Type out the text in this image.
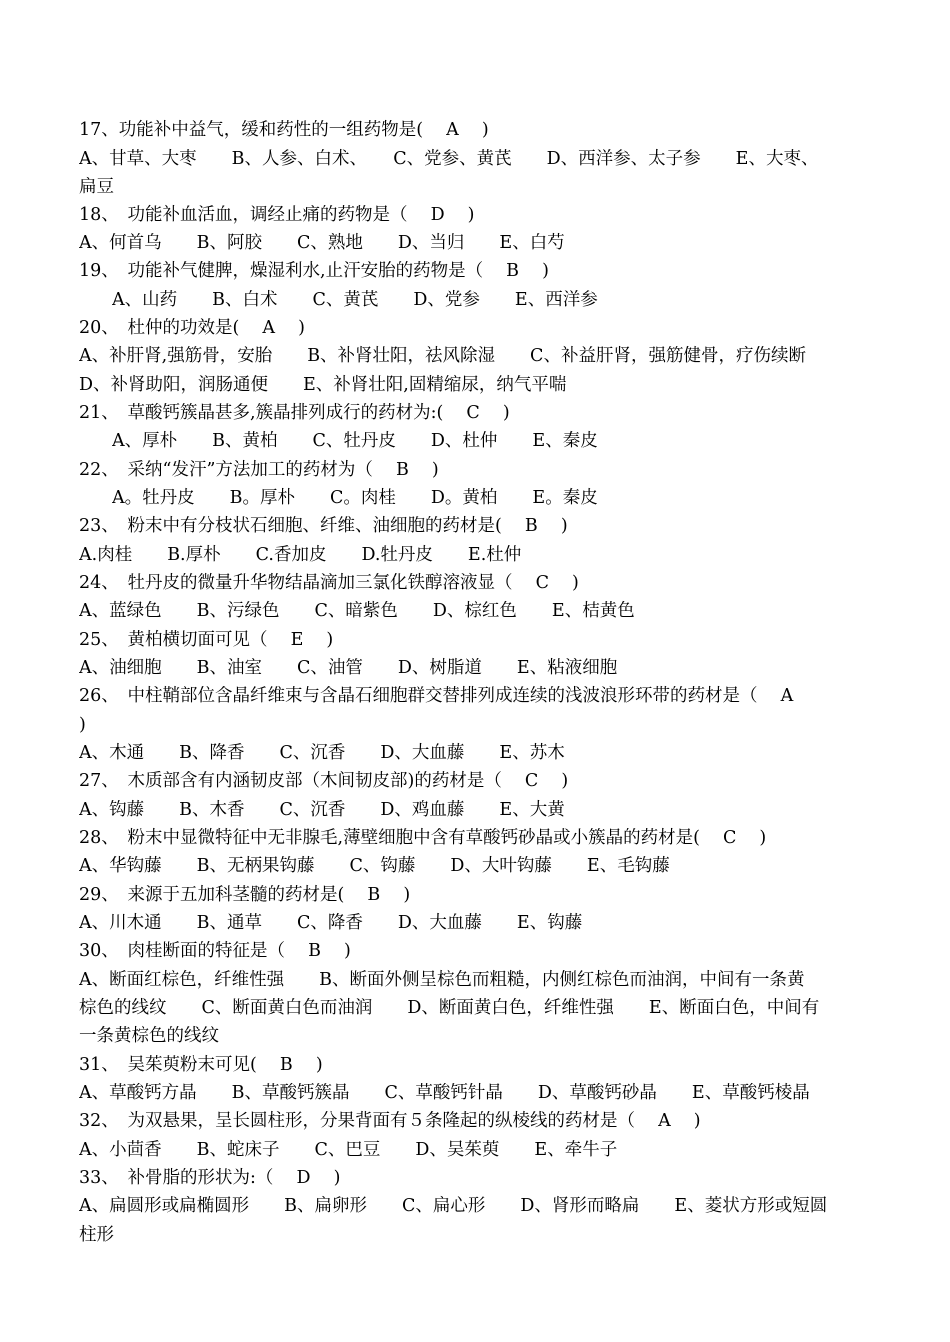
17、功能补中益气，缓和药性的一组药物是(　 A　 )
A、甘草、大枣　　B、人参、白术、　　C、党参、黄芪　　D、西洋参、太子参　　E、大枣、
扁豆
18、　功能补血活血，调经止痛的药物是（　 D　 )
A、何首乌　　B、阿胶　　C、熟地　　D、当归　　E、白芍
19、　功能补气健脾，燥湿利水,止汗安胎的药物是（　 B　 )
A、山药　　B、白术　　C、黄芪　　D、党参　　E、西洋参
20、　杜仲的功效是(　 A　 )
A、补肝肾,强筋骨，安胎　　B、补肾壮阳，祛风除湿　　C、补益肝肾，强筋健骨，疗伤续断
D、补肾助阳，润肠通便　　E、补肾壮阳,固精缩尿，纳气平喘
21、　草酸钙簇晶甚多,簇晶排列成行的药材为:(　 C　 )
A、厚朴　　B、黄柏　　C、牡丹皮　　D、杜仲　　E、秦皮
22、　采纳“发汗”方法加工的药材为（　 B　 )
A。牡丹皮　　B。厚朴　　C。肉桂　　D。黄柏　　E。秦皮
23、　粉末中有分枝状石细胞、纤维、油细胞的药材是(　 B　 )
A.肉桂　　B.厚朴　　C.香加皮　　D.牡丹皮　　E.杜仲
24、　牡丹皮的微量升华物结晶滴加三氯化铁醇溶液显（　 C　 )
A、蓝绿色　　B、污绿色　　C、暗紫色　　D、棕红色　　E、桔黄色
25、　黄柏横切面可见（　 E　 )
A、油细胞　　B、油室　　C、油管　　D、树脂道　　E、粘液细胞
26、　中柱鞘部位含晶纤维束与含晶石细胞群交替排列成连续的浅波浪形环带的药材是（　 A
)
A、木通　　B、降香　　C、沉香　　D、大血藤　　E、苏木
27、　木质部含有内涵韧皮部（木间韧皮部)的药材是（　 C　 )
A、钩藤　　B、木香　　C、沉香　　D、鸡血藤　　E、大黄
28、　粉末中显微特征中无非腺毛,薄壁细胞中含有草酸钙砂晶或小簇晶的药材是(　 C　 )
A、华钩藤　　B、无柄果钩藤　　C、钩藤　　D、大叶钩藤　　E、毛钩藤
29、　来源于五加科茎髓的药材是(　 B　 )
A、川木通　　B、通草　　C、降香　　D、大血藤　　E、钩藤
30、　肉桂断面的特征是（　 B　 )
A、断面红棕色，纤维性强　　B、断面外侧呈棕色而粗糙，内侧红棕色而油润，中间有一条黄
棕色的线纹　　C、断面黄白色而油润　　D、断面黄白色，纤维性强　　E、断面白色，中间有
一条黄棕色的线纹
31、　吴茱萸粉末可见(　 B　 )
A、草酸钙方晶　　B、草酸钙簇晶　　C、草酸钙针晶　　D、草酸钙砂晶　　E、草酸钙棱晶
32、　为双悬果，呈长圆柱形，分果背面有５条隆起的纵棱线的药材是（　 A　 )
A、小茴香　　B、蛇床子　　C、巴豆　　D、吴茱萸　　E、牵牛子
33、　补骨脂的形状为:（　 D　 )
A、扁圆形或扁椭圆形　　B、扁卵形　　C、扁心形　　D、肾形而略扁　　E、菱状方形或短圆
柱形
